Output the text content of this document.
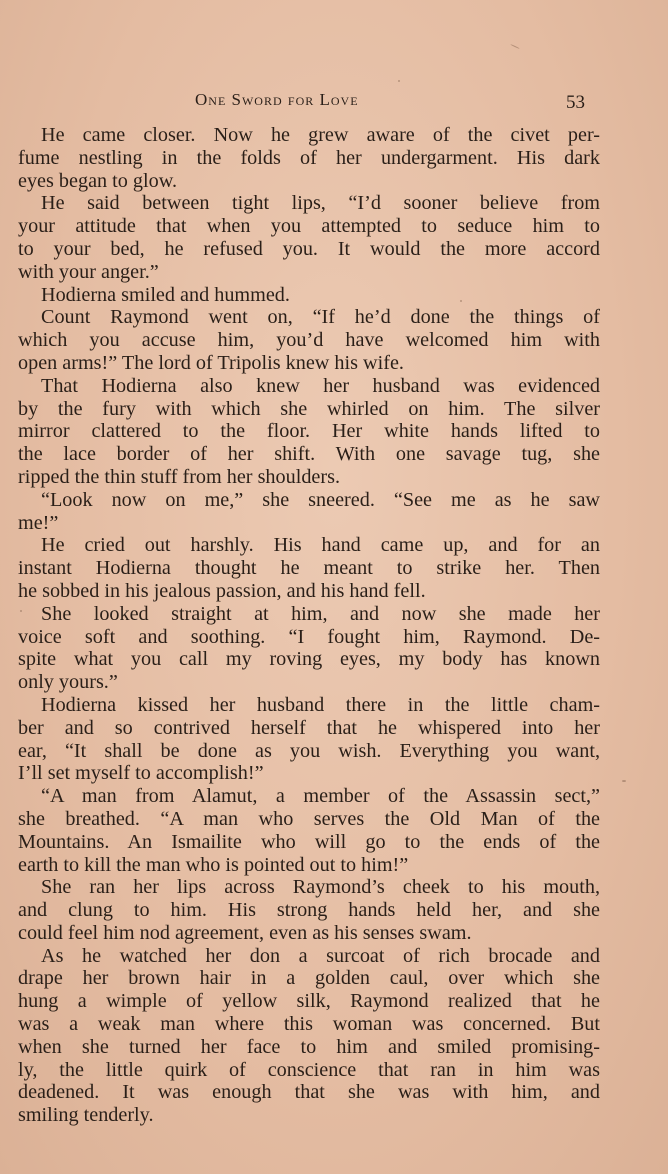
One Sword for Love	53
He came closer. Now he grew aware of the civet per-
fume nestling in the folds of her undergarment. His dark
eyes began to glow.
He said between tight lips, “I’d sooner believe from
your attitude that when you attempted to seduce him to
to your bed, he refused you. It would the more accord
with your anger.”
Hodierna smiled and hummed.
Count Raymond went on, “If he’d done the things of
which you accuse him, you’d have welcomed him with
open arms!” The lord of Tripolis knew his wife.
That Hodierna also knew her husband was evidenced
by the fury with which she whirled on him. The silver
mirror clattered to the floor. Her white hands lifted to
the lace border of her shift. With one savage tug, she
ripped the thin stuff from her shoulders.
“Look now on me,” she sneered. “See me as he saw
me!”
He cried out harshly. His hand came up, and for an
instant Hodierna thought he meant to strike her. Then
he sobbed in his jealous passion, and his hand fell.
She looked straight at him, and now she made her
voice soft and soothing. “I fought him, Raymond. De-
spite what you call my roving eyes, my body has known
only yours.”
Hodierna kissed her husband there in the little cham-
ber and so contrived herself that he whispered into her
ear, “It shall be done as you wish. Everything you want,
I’ll set myself to accomplish!”
“A man from Alamut, a member of the Assassin sect,”
she breathed. “A man who serves the Old Man of the
Mountains. An Ismailite who will go to the ends of the
earth to kill the man who is pointed out to him!”
She ran her lips across Raymond’s cheek to his mouth,
and clung to him. His strong hands held her, and she
could feel him nod agreement, even as his senses swam.
As he watched her don a surcoat of rich brocade and
drape her brown hair in a golden caul, over which she
hung a wimple of yellow silk, Raymond realized that he
was a weak man where this woman was concerned. But
when she turned her face to him and smiled promising-
ly, the little quirk of conscience that ran in him was
deadened. It was enough that she was with him, and
smiling tenderly.
